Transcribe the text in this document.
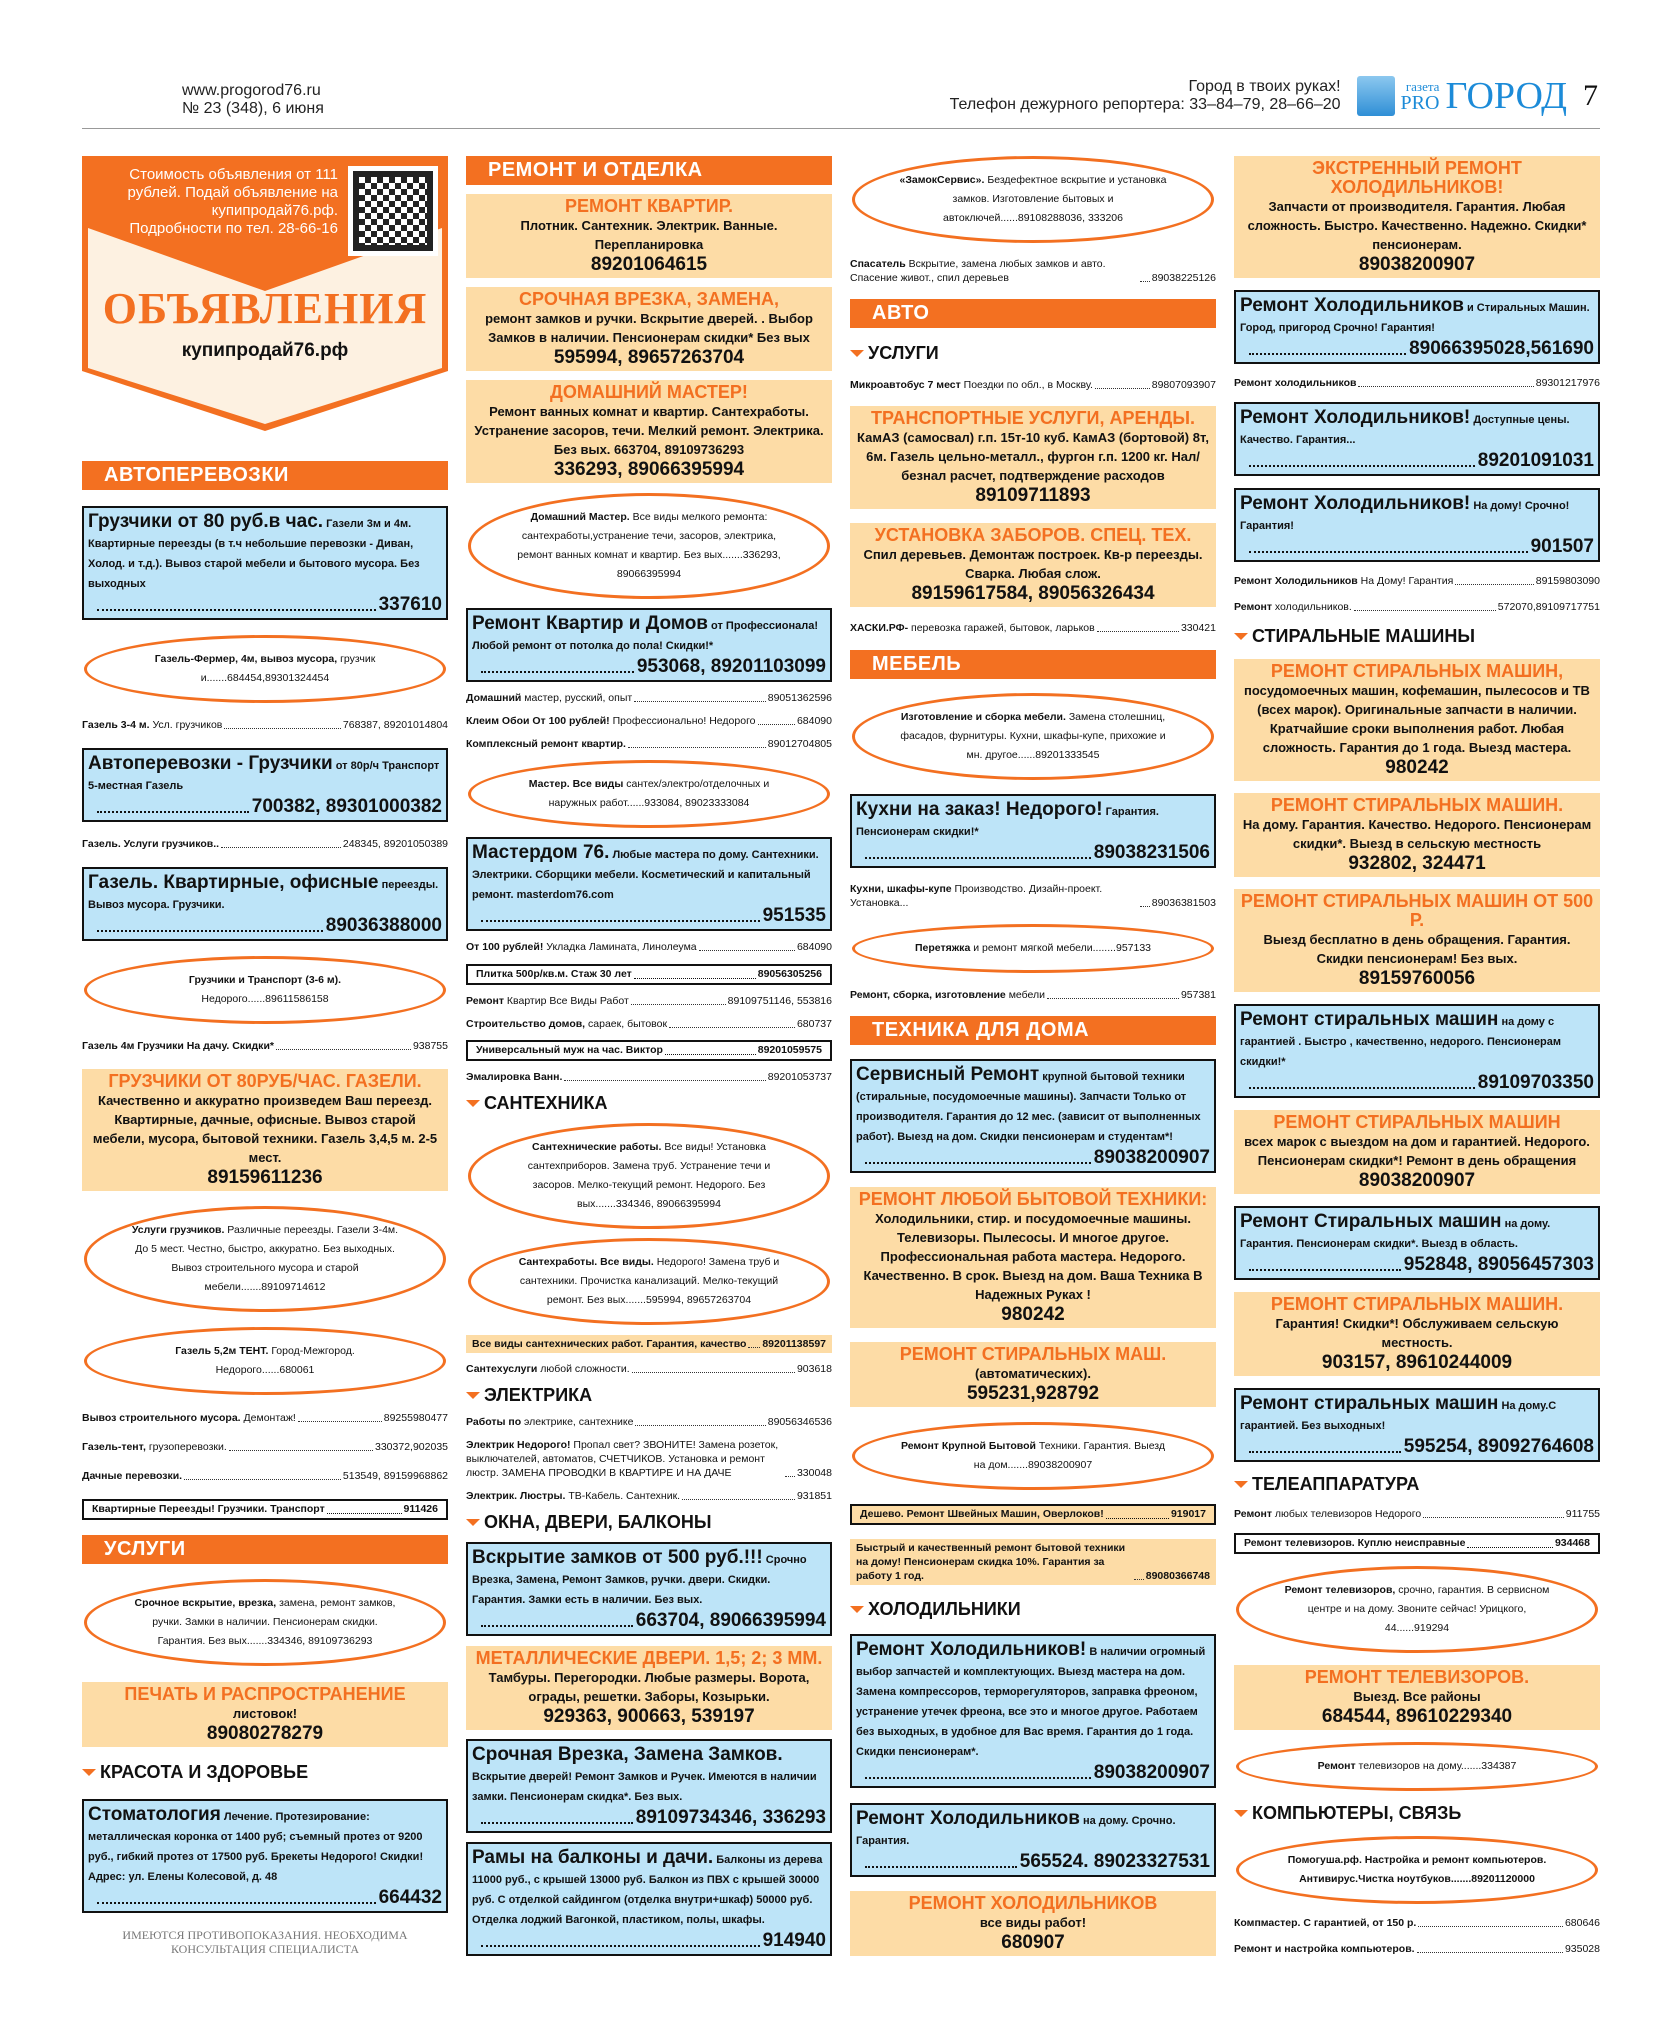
www.progorod76.ru
№ 23 (348), 6 июня
Город в твоих руках!
Телефон дежурного репортера: 33–84–79, 28–66–20
газета
PRO ГОРОД 7
Стоимость объявления от 111 рублей. Подай объявление на купипродай76.рф. Подробности по тел. 28-66-16
ОБЪЯВЛЕНИЯ
купипродай76.рф
АВТОПЕРЕВОЗКИ
Грузчики от 80 руб.в час. Газели 3м и 4м. Квартирные переезды (в т.ч небольшие перевозки - Диван, Холод. и т.д.). Вывоз старой мебели и бытового мусора. Без выходных
337610
Газель-Фермер, 4м, вывоз мусора, грузчик и.......684454,89301324454
Газель 3-4 м. Усл. грузчиков	768387, 89201014804
Автоперевозки - Грузчики от 80р/ч Транспорт 5-местная Газель
700382, 89301000382
Газель. Услуги грузчиков..	248345, 89201050389
Газель. Квартирные, офисные переезды. Вывоз мусора. Грузчики.
89036388000
Грузчики и Транспорт (3-6 м). Недорого......89611586158
Газель 4м Грузчики На дачу. Скидки*	938755
ГРУЗЧИКИ ОТ 80РУБ/ЧАС. ГАЗЕЛИ.
Качественно и аккуратно произведем Ваш переезд. Квартирные, дачные, офисные. Вывоз старой мебели, мусора, бытовой техники. Газель 3,4,5 м. 2-5 мест.
89159611236
Услуги грузчиков. Различные переезды. Газели 3-4м. До 5 мест. Честно, быстро, аккуратно. Без выходных. Вывоз строительного мусора и старой мебели.......89109714612
Газель 5,2м ТЕНТ. Город-Межгород. Недорого......680061
Вывоз строительного мусора. Демонтаж!	89255980477
Газель-тент, грузоперевозки.	330372,902035
Дачные перевозки.	513549, 89159968862
Квартирные Переезды! Грузчики. Транспорт	911426
УСЛУГИ
Срочное вскрытие, врезка, замена, ремонт замков, ручки. Замки в наличии. Пенсионерам скидки. Гарантия. Без вых.......334346, 89109736293
ПЕЧАТЬ И РАСПРОСТРАНЕНИЕ
листовок!
89080278279
КРАСОТА И ЗДОРОВЬЕ
Стоматология Лечение. Протезирование: металлическая коронка от 1400 руб; съемный протез от 9200 руб., гибкий протез от 17500 руб. Брекеты Недорого! Скидки! Адрес: ул. Елены Колесовой, д. 48
664432
ИМЕЮТСЯ ПРОТИВОПОКАЗАНИЯ. НЕОБХОДИМА КОНСУЛЬТАЦИЯ СПЕЦИАЛИСТА
РЕМОНТ И ОТДЕЛКА
РЕМОНТ КВАРТИР.
Плотник. Сантехник. Электрик. Ванные. Перепланировка
89201064615
СРОЧНАЯ ВРЕЗКА, ЗАМЕНА,
ремонт замков и ручки. Вскрытие дверей. . Выбор Замков в наличии. Пенсионерам скидки* Без вых
595994, 89657263704
ДОМАШНИЙ МАСТЕР!
Ремонт ванных комнат и квартир. Сантехработы. Устранение засоров, течи. Мелкий ремонт. Электрика. Без вых. 663704, 89109736293
336293, 89066395994
Домашний Мастер. Все виды мелкого ремонта: сантехработы,устранение течи, засоров, электрика, ремонт ванных комнат и квартир. Без вых.......336293, 89066395994
Ремонт Квартир и Домов от Профессионала! Любой ремонт от потолка до пола! Скидки!*
953068, 89201103099
Домашний мастер, русский, опыт	89051362596
Клеим Обои От 100 рублей! Профессионально! Недорого	684090
Комплексный ремонт квартир.	89012704805
Мастер. Все виды сантех/электро/отделочных и наружных работ......933084, 89023333084
Мастердом 76. Любые мастера по дому. Сантехники. Электрики. Сборщики мебели. Косметический и капитальный ремонт. masterdom76.com
951535
От 100 рублей! Укладка Ламината, Линолеума	684090
Плитка 500р/кв.м. Стаж 30 лет	89056305256
Ремонт Квартир Все Виды Работ	89109751146, 553816
Строительство домов, сараек, бытовок	680737
Универсальный муж на час. Виктор	89201059575
Эмалировка Ванн.	89201053737
САНТЕХНИКА
Сантехнические работы. Все виды! Установка сантехприборов. Замена труб. Устранение течи и засоров. Мелко-текущий ремонт. Недорого. Без вых.......334346, 89066395994
Сантехработы. Все виды. Недорого! Замена труб и сантехники. Прочистка канализаций. Мелко-текущий ремонт. Без вых.......595994, 89657263704
Все виды сантехнических работ. Гарантия, качество 89201138597
Сантехуслуги любой сложности.	903618
ЭЛЕКТРИКА
Работы по электрике, сантехнике	89056346536
Электрик Недорого! Пропал свет? ЗВОНИТЕ! Замена розеток, выключателей, автоматов, СЧЕТЧИКОВ. Установка и ремонт люстр. ЗАМЕНА ПРОВОДКИ В КВАРТИРЕ И НА ДАЧЕ	330048
Электрик. Люстры. ТВ-Кабель. Сантехник.	931851
ОКНА, ДВЕРИ, БАЛКОНЫ
Вскрытие замков от 500 руб.!!! Срочно Врезка, Замена, Ремонт Замков, ручки. двери. Скидки. Гарантия. Замки есть в наличии. Без вых.
663704, 89066395994
МЕТАЛЛИЧЕСКИЕ ДВЕРИ. 1,5; 2; 3 ММ.
Тамбуры. Перегородки. Любые размеры. Ворота, ограды, решетки. Заборы, Козырьки.
929363, 900663, 539197
Срочная Врезка, Замена Замков. Вскрытие дверей! Ремонт Замков и Ручек. Имеются в наличии замки. Пенсионерам скидка*. Без вых.
89109734346, 336293
Рамы на балконы и дачи. Балконы из дерева 11000 руб., с крышей 13000 руб. Балкон из ПВХ с крышей 30000 руб. С отделкой сайдингом (отделка внутри+шкаф) 50000 руб. Отделка лоджий Вагонкой, пластиком, полы, шкафы.
914940
«ЗамокСервис». Бездефектное вскрытие и установка замков. Изготовление бытовых и автоключей......89108288036, 333206
Спасатель Вскрытие, замена любых замков и авто. Спасение живот., спил деревьев	89038225126
АВТО
УСЛУГИ
Микроавтобус 7 мест Поездки по обл., в Москву.	89807093907
ТРАНСПОРТНЫЕ УСЛУГИ, АРЕНДЫ.
КамАЗ (самосвал) г.п. 15т-10 куб. КамАЗ (бортовой) 8т, 6м. Газель цельно-металл., фургон г.п. 1200 кг. Нал/безнал расчет, подтверждение расходов
89109711893
УСТАНОВКА ЗАБОРОВ. СПЕЦ. ТЕХ.
Спил деревьев. Демонтаж построек. Кв-р переезды. Сварка. Любая слож.
89159617584, 89056326434
ХАСКИ.РФ- перевозка гаражей, бытовок, ларьков	330421
МЕБЕЛЬ
Изготовление и сборка мебели. Замена столешниц, фасадов, фурнитуры. Кухни, шкафы-купе, прихожие и мн. другое......89201333545
Кухни на заказ! Недорого! Гарантия. Пенсионерам скидки!*
89038231506
Кухни, шкафы-купе Производство. Дизайн-проект. Установка...	89036381503
Перетяжка и ремонт мягкой мебели........957133
Ремонт, сборка, изготовление мебели	957381
ТЕХНИКА ДЛЯ ДОМА
Сервисный Ремонт крупной бытовой техники (стиральные, посудомоечные машины). Запчасти Только от производителя. Гарантия до 12 мес. (зависит от выполненных работ). Выезд на дом. Скидки пенсионерам и студентам*!
89038200907
РЕМОНТ ЛЮБОЙ БЫТОВОЙ ТЕХНИКИ:
Холодильники, стир. и посудомоечные машины. Телевизоры. Пылесосы. И многое другое. Профессиональная работа мастера. Недорого. Качественно. В срок. Выезд на дом. Ваша Техника В Надежных Руках !
980242
РЕМОНТ СТИРАЛЬНЫХ МАШ.
(автоматических).
595231,928792
Ремонт Крупной Бытовой Техники. Гарантия. Выезд на дом.......89038200907
Дешево. Ремонт Швейных Машин, Оверлоков!	919017
Быстрый и качественный ремонт бытовой техники на дому! Пенсионерам скидка 10%. Гарантия за работу 1 год.	89080366748
ХОЛОДИЛЬНИКИ
Ремонт Холодильников! В наличии огромный выбор запчастей и комплектующих. Выезд мастера на дом. Замена компрессоров, терморегуляторов, заправка фреоном, устранение утечек фреона, все это и многое другое. Работаем без выходных, в удобное для Вас время. Гарантия до 1 года. Скидки пенсионерам*.
89038200907
Ремонт Холодильников на дому. Срочно. Гарантия.
565524. 89023327531
РЕМОНТ ХОЛОДИЛЬНИКОВ
все виды работ!
680907
ЭКСТРЕННЫЙ РЕМОНТ ХОЛОДИЛЬНИКОВ!
Запчасти от производителя. Гарантия. Любая сложность. Быстро. Качественно. Надежно. Скидки* пенсионерам.
89038200907
Ремонт Холодильников и Стиральных Машин. Город, пригород Срочно! Гарантия!
89066395028,561690
Ремонт холодильников	89301217976
Ремонт Холодильников! Доступные цены. Качество. Гарантия...
89201091031
Ремонт Холодильников! На дому! Срочно! Гарантия!
901507
Ремонт Холодильников На Дому! Гарантия	89159803090
Ремонт холодильников.	572070,89109717751
СТИРАЛЬНЫЕ МАШИНЫ
РЕМОНТ СТИРАЛЬНЫХ МАШИН,
посудомоечных машин, кофемашин, пылесосов и ТВ (всех марок). Оригинальные запчасти в наличии. Кратчайшие сроки выполнения работ. Любая сложность. Гарантия до 1 года. Выезд мастера.
980242
РЕМОНТ СТИРАЛЬНЫХ МАШИН.
На дому. Гарантия. Качество. Недорого. Пенсионерам скидки*. Выезд в сельскую местность
932802, 324471
РЕМОНТ СТИРАЛЬНЫХ МАШИН ОТ 500 Р.
Выезд бесплатно в день обращения. Гарантия. Скидки пенсионерам! Без вых.
89159760056
Ремонт стиральных машин на дому с гарантией . Быстро , качественно, недорого. Пенсионерам скидки!*
89109703350
РЕМОНТ СТИРАЛЬНЫХ МАШИН
всех марок с выездом на дом и гарантией. Недорого. Пенсионерам скидки*! Ремонт в день обращения
89038200907
Ремонт Стиральных машин на дому. Гарантия. Пенсионерам скидки*. Выезд в область.
952848, 89056457303
РЕМОНТ СТИРАЛЬНЫХ МАШИН.
Гарантия! Скидки*! Обслуживаем сельскую местность.
903157, 89610244009
Ремонт стиральных машин На дому.С гарантией. Без выходных!
595254, 89092764608
ТЕЛЕАППАРАТУРА
Ремонт любых телевизоров Недорого	911755
Ремонт телевизоров. Куплю неисправные	934468
Ремонт телевизоров, срочно, гарантия. В сервисном центре и на дому. Звоните сейчас! Урицкого, 44......919294
РЕМОНТ ТЕЛЕВИЗОРОВ.
Выезд. Все районы
684544, 89610229340
Ремонт телевизоров на дому.......334387
КОМПЬЮТЕРЫ, СВЯЗЬ
Помогуша.рф. Настройка и ремонт компьютеров. Антивирус.Чистка ноутбуков.......89201120000
Компмастер. С гарантией, от 150 р.	680646
Ремонт и настройка компьютеров.	935028
